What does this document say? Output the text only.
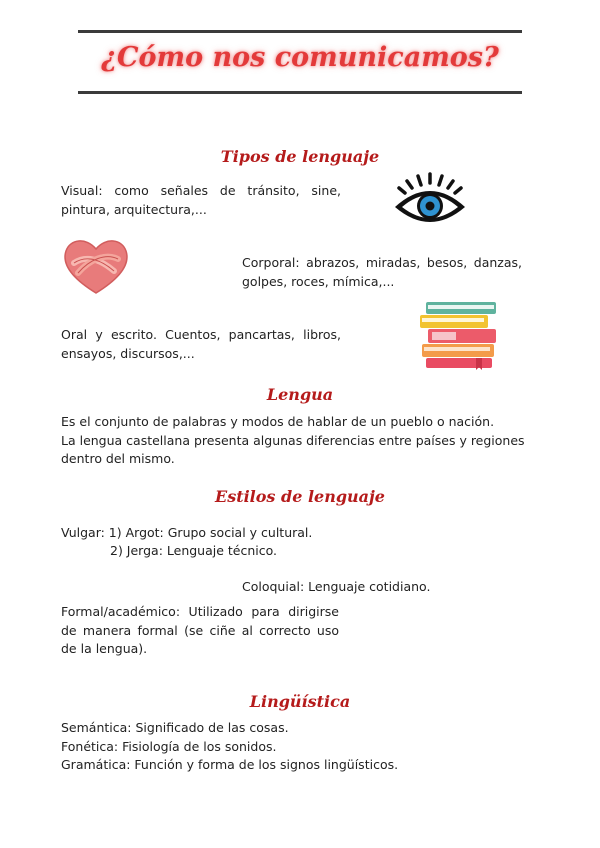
¿Cómo nos comunicamos?
Tipos de lenguaje
Visual: como señales de tránsito, sine,
pintura, arquitectura,...
Corporal: abrazos, miradas, besos, danzas,
golpes, roces, mímica,...
Oral y escrito. Cuentos, pancartas, libros,
ensayos, discursos,...
Lengua
Es el conjunto de palabras y modos de hablar de un pueblo o nación.
La lengua castellana presenta algunas diferencias entre países y regiones
dentro del mismo.
Estilos de lenguaje
Vulgar: 1) Argot: Grupo social y cultural.
2) Jerga: Lenguaje técnico.
Coloquial: Lenguaje cotidiano.
Formal/académico: Utilizado para dirigirse
de manera formal (se ciñe al correcto uso
de la lengua).
Lingüística
Semántica: Significado de las cosas.
Fonética: Fisiología de los sonidos.
Gramática: Función y forma de los signos lingüísticos.
